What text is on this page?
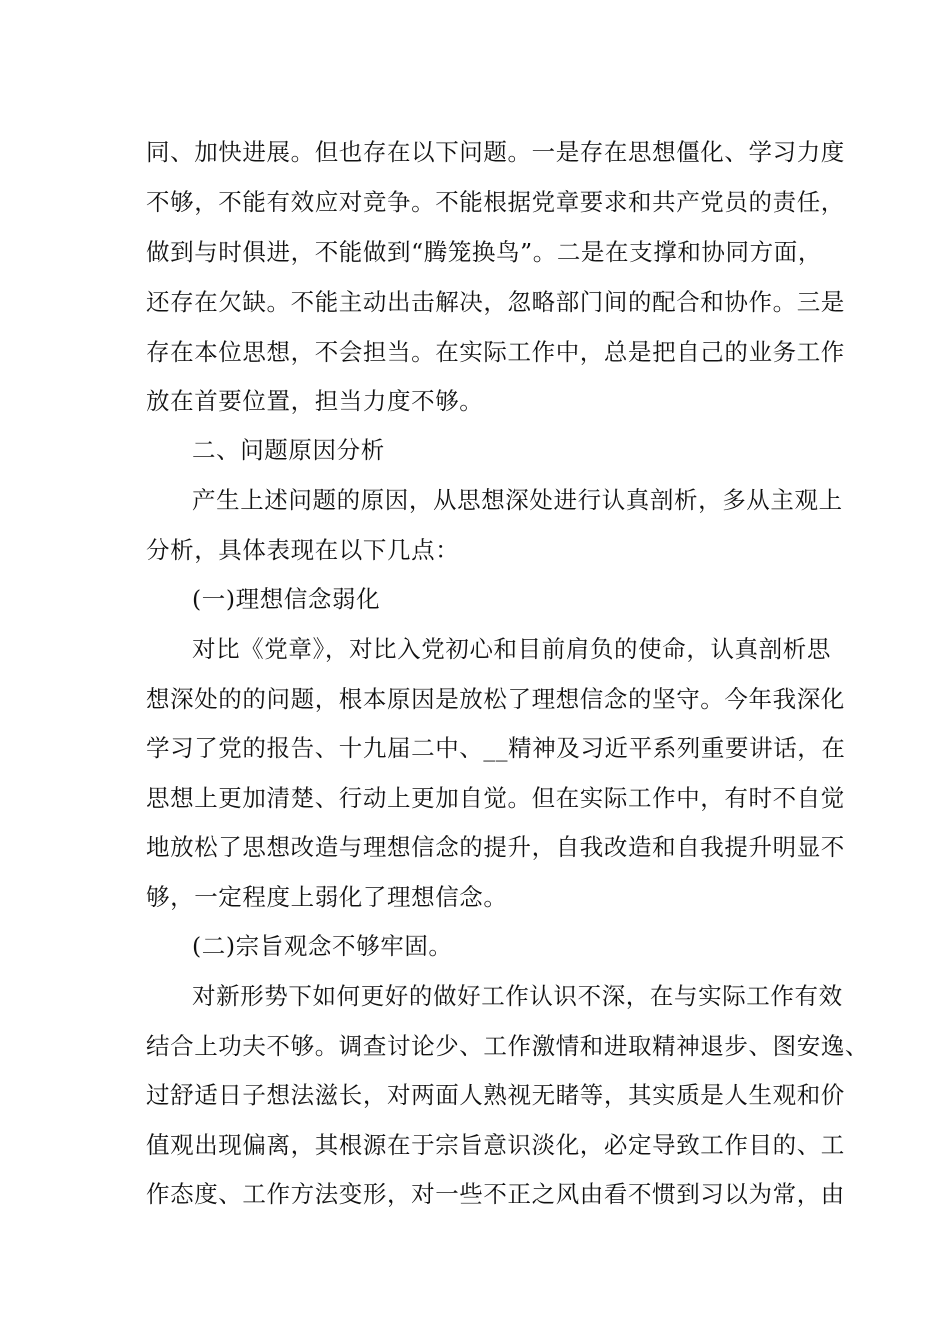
同、加快进展。但也存在以下问题。一是存在思想僵化、学习力度
不够，不能有效应对竞争。不能根据党章要求和共产党员的责任，
做到与时俱进，不能做到“腾笼换鸟”。二是在支撑和协同方面，
还存在欠缺。不能主动出击解决，忽略部门间的配合和协作。三是
存在本位思想，不会担当。在实际工作中，总是把自己的业务工作
放在首要位置，担当力度不够。
二、问题原因分析
产生上述问题的原因，从思想深处进行认真剖析，多从主观上
分析，具体表现在以下几点：
(一)理想信念弱化
对比《党章》，对比入党初心和目前肩负的使命，认真剖析思
想深处的的问题，根本原因是放松了理想信念的坚守。今年我深化
学习了党的报告、十九届二中、__精神及习近平系列重要讲话，在
思想上更加清楚、行动上更加自觉。但在实际工作中，有时不自觉
地放松了思想改造与理想信念的提升，自我改造和自我提升明显不
够，一定程度上弱化了理想信念。
(二)宗旨观念不够牢固。
对新形势下如何更好的做好工作认识不深，在与实际工作有效
结合上功夫不够。调查讨论少、工作激情和进取精神退步、图安逸、
过舒适日子想法滋长，对两面人熟视无睹等，其实质是人生观和价
值观出现偏离，其根源在于宗旨意识淡化，必定导致工作目的、工
作态度、工作方法变形，对一些不正之风由看不惯到习以为常，由
